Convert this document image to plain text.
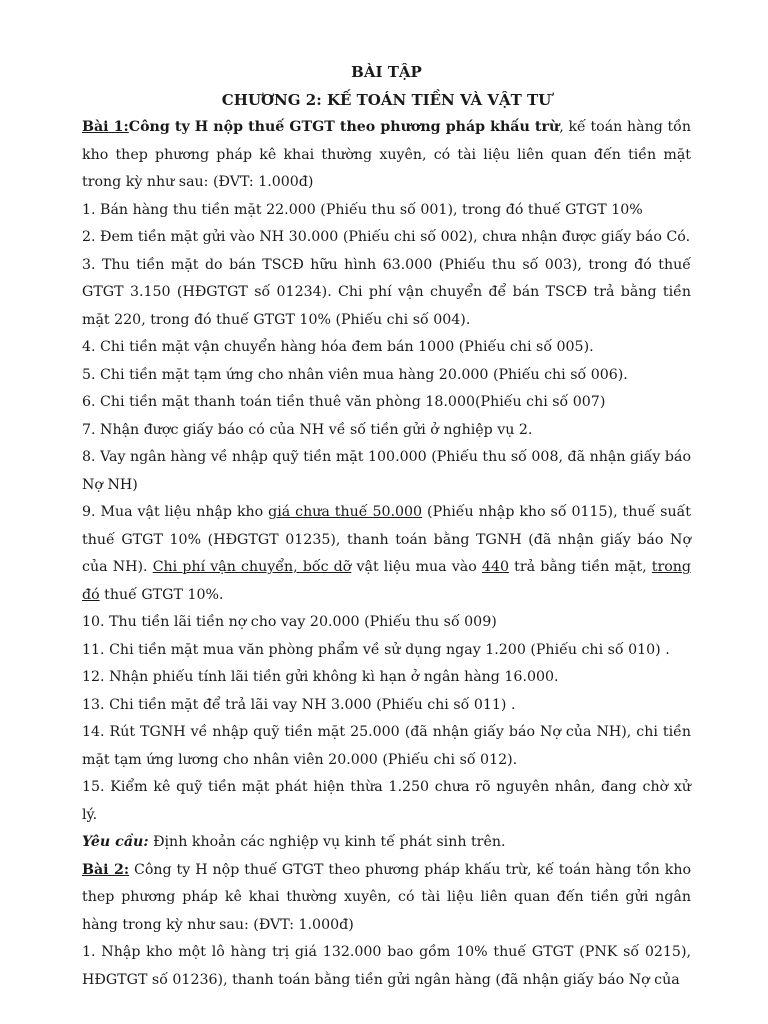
BÀI TẬP
CHƯƠNG 2: KẾ TOÁN TIỀN VÀ VẬT TƯ

Bài 1:Công ty H nộp thuế GTGT theo phương pháp khấu trừ, kế toán hàng tồn kho thep phương pháp kê khai thường xuyên, có tài liệu liên quan đến tiền mặt trong kỳ như sau: (ĐVT: 1.000đ)

1. Bán hàng thu tiền mặt 22.000 (Phiếu thu số 001), trong đó thuế GTGT 10%

2. Đem tiền mặt gửi vào NH 30.000 (Phiếu chi số 002), chưa nhận được giấy báo Có.

3. Thu tiền mặt do bán TSCĐ hữu hình 63.000 (Phiếu thu số 003), trong đó thuế GTGT 3.150 (HĐGTGT số 01234). Chi phí vận chuyển để bán TSCĐ trả bằng tiền mặt 220, trong đó thuế GTGT 10% (Phiếu chi số 004).

4. Chi tiền mặt vận chuyển hàng hóa đem bán 1000 (Phiếu chi số 005).

5. Chi tiền mặt tạm ứng cho nhân viên mua hàng 20.000 (Phiếu chi số 006).

6. Chi tiền mặt thanh toán tiền thuê văn phòng 18.000(Phiếu chi số 007)

7. Nhận được giấy báo có của NH về số tiền gửi ở nghiệp vụ 2.

8. Vay ngân hàng về nhập quỹ tiền mặt 100.000 (Phiếu thu số 008, đã nhận giấy báo Nợ NH)

9. Mua vật liệu nhập kho giá chưa thuế 50.000 (Phiếu nhập kho số 0115), thuế suất thuế GTGT 10% (HĐGTGT 01235), thanh toán bằng TGNH (đã nhận giấy báo Nợ của NH). Chi phí vận chuyển, bốc dỡ vật liệu mua vào 440 trả bằng tiền mặt, trong đó thuế GTGT 10%.

10. Thu tiền lãi tiền nợ cho vay 20.000 (Phiếu thu số 009)

11. Chi tiền mặt mua văn phòng phẩm về sử dụng ngay 1.200 (Phiếu chi số 010) .

12. Nhận phiếu tính lãi tiền gửi không kì hạn ở ngân hàng 16.000.

13. Chi tiền mặt để trả lãi vay NH 3.000 (Phiếu chi số 011) .

14. Rút TGNH về nhập quỹ tiền mặt 25.000 (đã nhận giấy báo Nợ của NH), chi tiền mặt tạm ứng lương cho nhân viên 20.000 (Phiếu chi số 012).

15. Kiểm kê quỹ tiền mặt phát hiện thừa 1.250 chưa rõ nguyên nhân, đang chờ xử lý.

Yêu cầu: Định khoản các nghiệp vụ kinh tế phát sinh trên.

Bài 2: Công ty H nộp thuế GTGT theo phương pháp khấu trừ, kế toán hàng tồn kho thep phương pháp kê khai thường xuyên, có tài liệu liên quan đến tiền gửi ngân hàng trong kỳ như sau: (ĐVT: 1.000đ)

1. Nhập kho một lô hàng trị giá 132.000 bao gồm 10% thuế GTGT (PNK số 0215), HĐGTGT số 01236), thanh toán bằng tiền gửi ngân hàng (đã nhận giấy báo Nợ của
